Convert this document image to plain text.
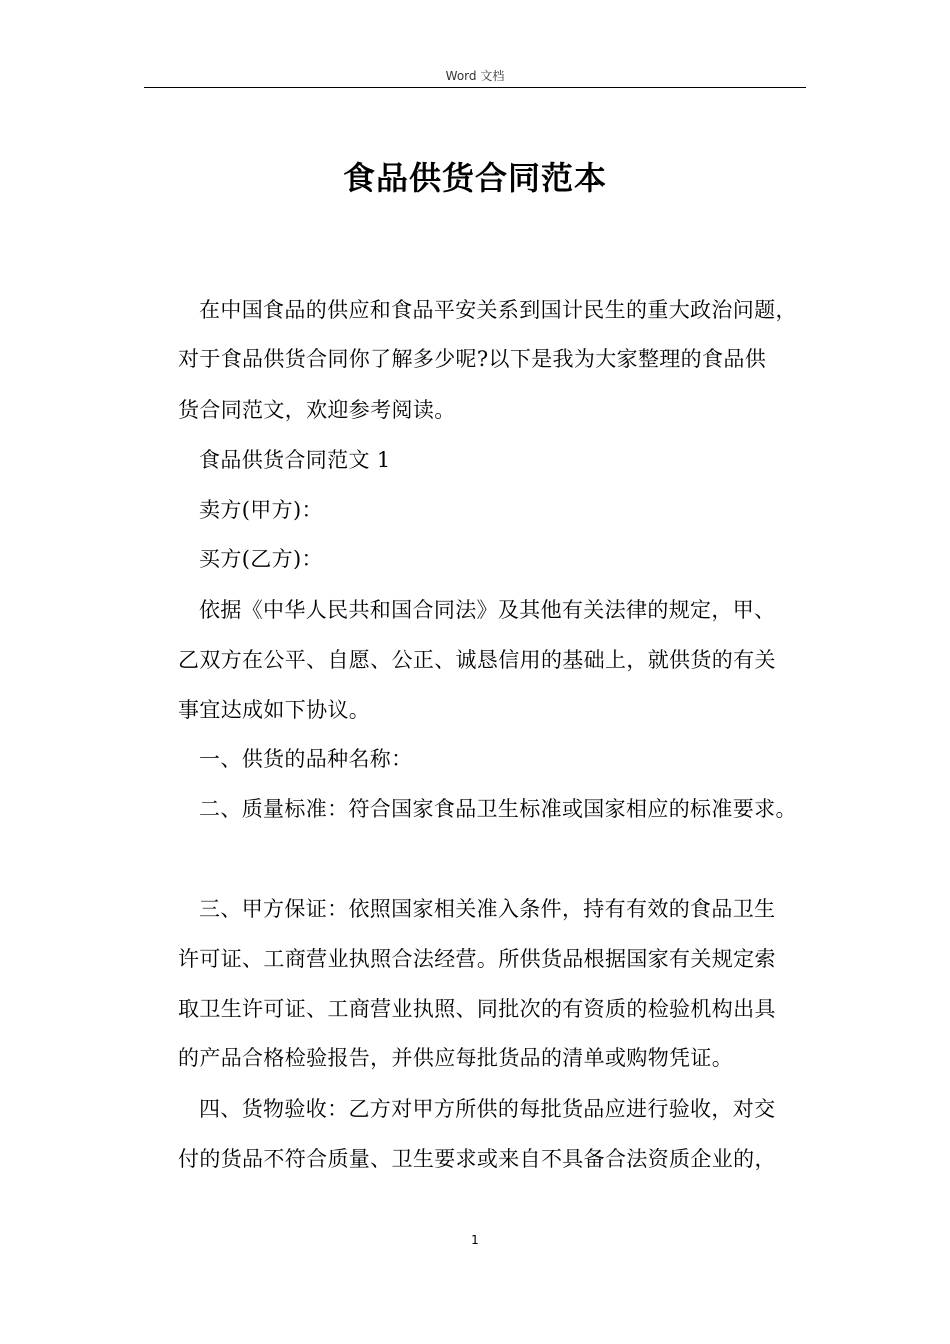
Word 文档
食品供货合同范本
在中国食品的供应和食品平安关系到国计民生的重大政治问题，
对于食品供货合同你了解多少呢?以下是我为大家整理的食品供
货合同范文，欢迎参考阅读。
食品供货合同范文 1
卖方(甲方)：
买方(乙方)：
依据《中华人民共和国合同法》及其他有关法律的规定，甲、
乙双方在公平、自愿、公正、诚恳信用的基础上，就供货的有关
事宜达成如下协议。
一、供货的品种名称：
二、质量标准：符合国家食品卫生标准或国家相应的标准要求。
三、甲方保证：依照国家相关准入条件，持有有效的食品卫生
许可证、工商营业执照合法经营。所供货品根据国家有关规定索
取卫生许可证、工商营业执照、同批次的有资质的检验机构出具
的产品合格检验报告，并供应每批货品的清单或购物凭证。
四、货物验收：乙方对甲方所供的每批货品应进行验收，对交
付的货品不符合质量、卫生要求或来自不具备合法资质企业的，
1
